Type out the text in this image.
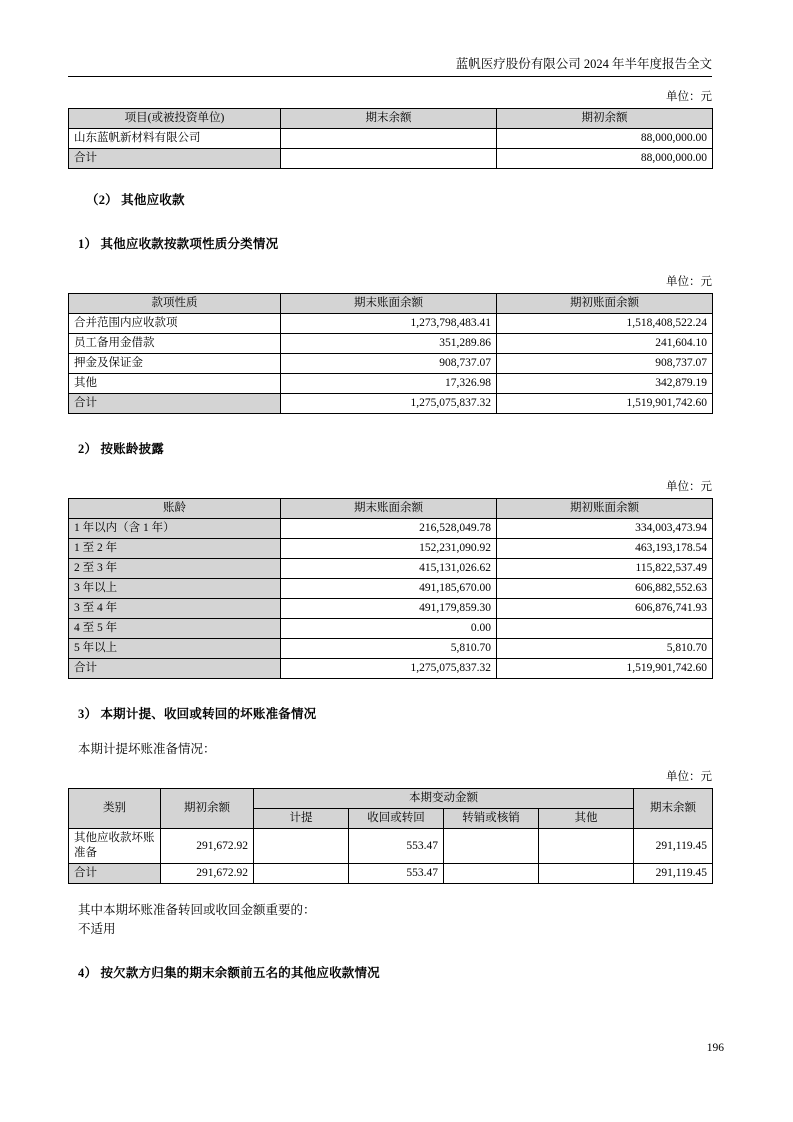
蓝帆医疗股份有限公司 2024 年半年度报告全文
单位：元
项目(或被投资单位)	期末余额	期初余额
山东蓝帆新材料有限公司		88,000,000.00
合计		88,000,000.00
（2） 其他应收款
1） 其他应收款按款项性质分类情况
单位：元
款项性质	期末账面余额	期初账面余额
合并范围内应收款项	1,273,798,483.41	1,518,408,522.24
员工备用金借款	351,289.86	241,604.10
押金及保证金	908,737.07	908,737.07
其他	17,326.98	342,879.19
合计	1,275,075,837.32	1,519,901,742.60
2） 按账龄披露
单位：元
账龄	期末账面余额	期初账面余额
1 年以内（含 1 年）	216,528,049.78	334,003,473.94
1 至 2 年	152,231,090.92	463,193,178.54
2 至 3 年	415,131,026.62	115,822,537.49
3 年以上	491,185,670.00	606,882,552.63
3 至 4 年	491,179,859.30	606,876,741.93
4 至 5 年	0.00	
5 年以上	5,810.70	5,810.70
合计	1,275,075,837.32	1,519,901,742.60
3） 本期计提、收回或转回的坏账准备情况

本期计提坏账准备情况：

单位：元
类别	期初余额	本期变动金额				期末余额
		计提	收回或转回	转销或核销	其他	
其他应收款坏账准备	291,672.92		553.47			291,119.45
合计	291,672.92		553.47			291,119.45

其中本期坏账准备转回或收回金额重要的：

不适用

4） 按欠款方归集的期末余额前五名的其他应收款情况
196
